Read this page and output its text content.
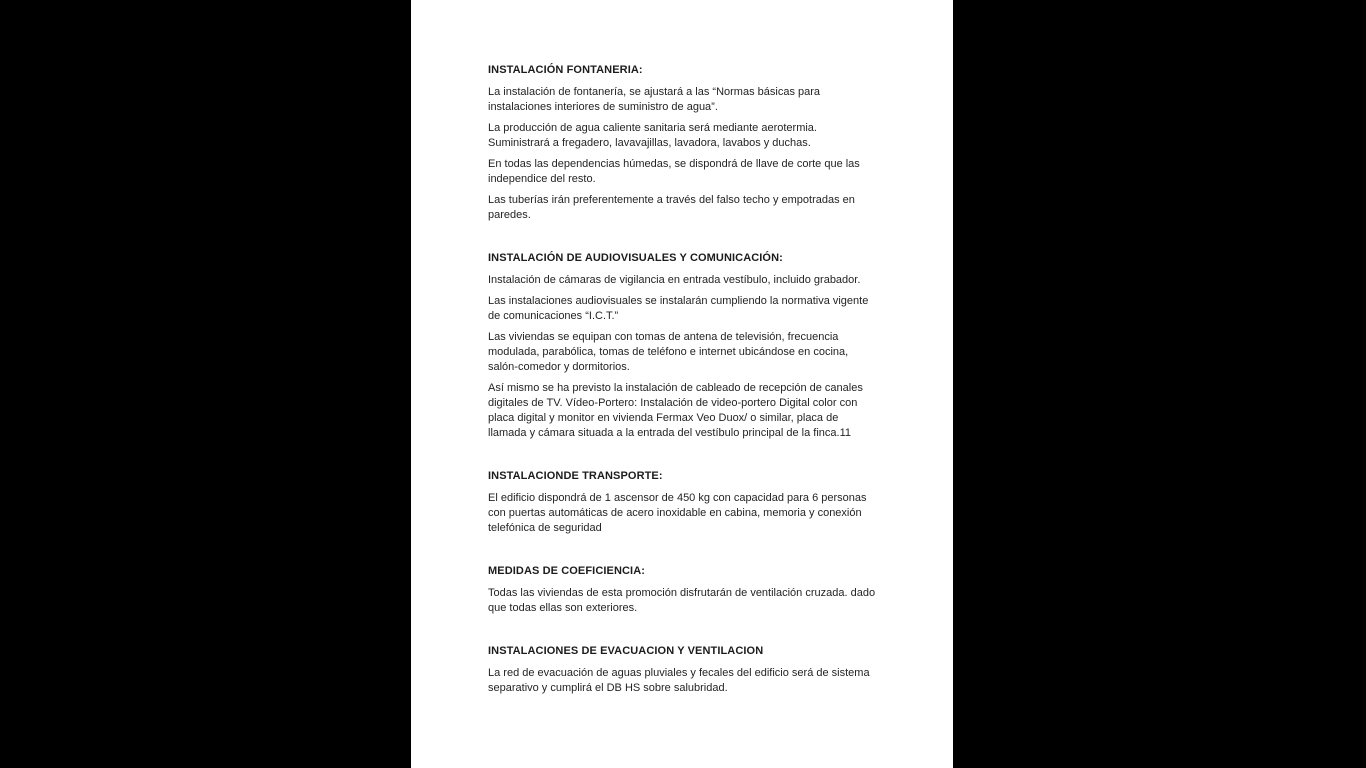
INSTALACIÓN FONTANERIA:

La instalación de fontanería, se ajustará a las “Normas básicas para instalaciones interiores de suministro de agua”.

La producción de agua caliente sanitaria será mediante aerotermia. Suministrará a fregadero, lavavajillas, lavadora, lavabos y duchas.

En todas las dependencias húmedas, se dispondrá de llave de corte que las independice del resto.

Las tuberías irán preferentemente a través del falso techo y empotradas en paredes.

INSTALACIÓN DE AUDIOVISUALES Y COMUNICACIÓN:

Instalación de cámaras de vigilancia en entrada vestíbulo, incluido grabador.

Las instalaciones audiovisuales se instalarán cumpliendo la normativa vigente de comunicaciones “I.C.T.”

Las viviendas se equipan con tomas de antena de televisión, frecuencia modulada, parabólica, tomas de teléfono e internet ubicándose en cocina, salón-comedor y dormitorios.

Así mismo se ha previsto la instalación de cableado de recepción de canales digitales de TV. Vídeo-Portero: Instalación de video-portero Digital color con placa digital y monitor en vivienda Fermax Veo Duox/ o similar, placa de llamada y cámara situada a la entrada del vestíbulo principal de la finca.11

INSTALACIONDE TRANSPORTE:

El edificio dispondrá de 1 ascensor de 450 kg con capacidad para 6 personas con puertas automáticas de acero inoxidable en cabina, memoria y conexión telefónica de seguridad

MEDIDAS DE COEFICIENCIA:

Todas las viviendas de esta promoción disfrutarán de ventilación cruzada. dado que todas ellas son exteriores.

INSTALACIONES DE EVACUACION Y VENTILACION

La red de evacuación de aguas pluviales y fecales del edificio será de sistema separativo y cumplirá el DB HS sobre salubridad.
